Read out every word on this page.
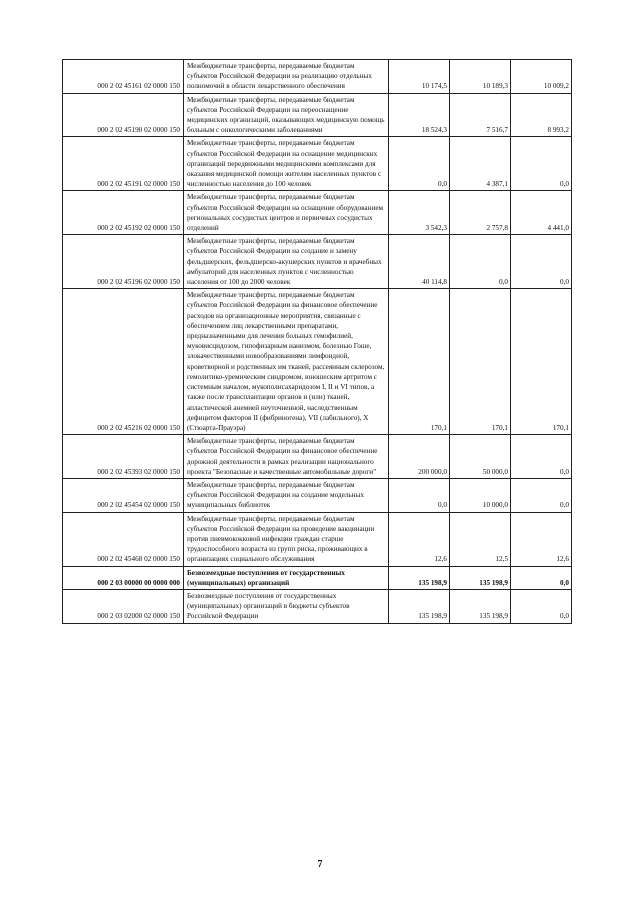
000 2 02 45161 02 0000 150	Межбюджетные трансферты, передаваемые бюджетам субъектов Российской Федерации на реализацию отдельных полномочий в области лекарственного обеспечения	10 174,5	10 189,3	10 009,2
000 2 02 45190 02 0000 150	Межбюджетные трансферты, передаваемые бюджетам субъектов Российской Федерации на переоснащение медицинских организаций, оказывающих медицинскую помощь больным с онкологическими заболеваниями	18 524,3	7 516,7	8 993,2
000 2 02 45191 02 0000 150	Межбюджетные трансферты, передаваемые бюджетам субъектов Российской Федерации на оснащение медицинских организаций передвижными медицинскими комплексами для оказания медицинской помощи жителям населенных пунктов с численностью населения до 100 человек	0,0	4 387,1	0,0
000 2 02 45192 02 0000 150	Межбюджетные трансферты, передаваемые бюджетам субъектов Российской Федерации на оснащение оборудованием региональных сосудистых центров и первичных сосудистых отделений	3 542,3	2 757,8	4 441,0
000 2 02 45196 02 0000 150	Межбюджетные трансферты, передаваемые бюджетам субъектов Российской Федерации на создание и замену фельдшерских, фельдшерско-акушерских пунктов и врачебных амбулаторий для населенных пунктов с численностью населения от 100 до 2000 человек	40 114,8	0,0	0,0
000 2 02 45216 02 0000 150	Межбюджетные трансферты, передаваемые бюджетам субъектов Российской Федерации на финансовое обеспечение расходов на организационные мероприятия, связанные с обеспечением лиц лекарственными препаратами, предназначенными для лечения больных гемофилией, муковисцидозом, гипофизарным нанизмом, болезнью Гоше, злокачественными новообразованиями лимфоидной, кроветворной и родственных им тканей, рассеянным склерозом, гемолитико-уремическим синдромом, юношеским артритом с системным началом, мукополисахаридозом I, II и VI типов, а также после трансплантации органов и (или) тканей, апластической анемией неуточненной, наследственным дефицитом факторов II (фибриногена), VII (лабильного), X (Стюарта-Прауэра)	170,1	170,1	170,1
000 2 02 45393 02 0000 150	Межбюджетные трансферты, передаваемые бюджетам субъектов Российской Федерации на финансовое обеспечение дорожной деятельности в рамках реализации национального проекта "Безопасные и качественные автомобильные дороги"	200 000,0	50 000,0	0,0
000 2 02 45454 02 0000 150	Межбюджетные трансферты, передаваемые бюджетам субъектов Российской Федерации на создание модельных муниципальных библиотек	0,0	10 000,0	0,0
000 2 02 45468 02 0000 150	Межбюджетные трансферты, передаваемые бюджетам субъектов Российской Федерации на проведение вакцинации против пневмококковой инфекции граждан старше трудоспособного возраста из групп риска, проживающих в организациях социального обслуживания	12,6	12,5	12,6
000 2 03 00000 00 0000 000	Безвозмездные поступления от государственных (муниципальных) организаций	135 198,9	135 198,9	0,0
000 2 03 02000 02 0000 150	Безвозмездные поступления от государственных (муниципальных) организаций в бюджеты субъектов Российской Федерации	135 198,9	135 198,9	0,0
7
